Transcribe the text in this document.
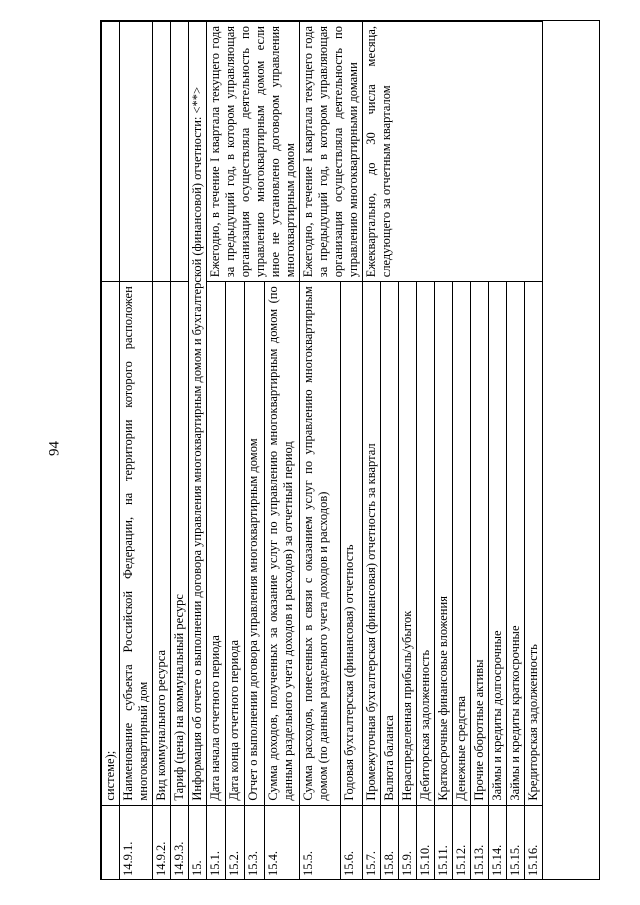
94
	системе);	
14.9.1.	Наименование субъекта Российской Федерации, на территории которого расположен многоквартирный дом	
14.9.2.	Вид коммунального ресурса	
14.9.3.	Тариф (цена) на коммунальный ресурс	
15.	Информация об отчете о выполнении договора управления многоквартирным домом и бухгалтерской (финансовой) отчетности: <**>	
15.1.	Дата начала отчетного периода	Ежегодно, в течение I квартала текущего года за предыдущий год, в котором управляющая организация осуществляла деятельность по управлению многоквартирным домом если иное не установлено договором управления многоквартирным домом
15.2.	Дата конца отчетного периода	
15.3.	Отчет о выполнении договора управления многоквартирным домом	
15.4.	Сумма доходов, полученных за оказание услуг по управлению многоквартирным домом (по данным раздельного учета доходов и расходов) за отчетный период	
15.5.	Сумма расходов, понесенных в связи с оказанием услуг по управлению многоквартирным домом (по данным раздельного учета доходов и расходов)	Ежегодно, в течение I квартала текущего года за предыдущий год, в котором управляющая организация осуществляла деятельность по управлению многоквартирными домами
15.6.	Годовая бухгалтерская (финансовая) отчетность	
15.7.	Промежуточная бухгалтерская (финансовая) отчетность за квартал	Ежеквартально, до 30 числа месяца, следующего за отчетным кварталом
15.8.	Валюта баланса	
15.9.	Нераспределенная прибыль/убыток	
15.10.	Дебиторская задолженность	
15.11.	Краткосрочные финансовые вложения	
15.12.	Денежные средства	
15.13.	Прочие оборотные активы	
15.14.	Займы и кредиты долгосрочные	
15.15.	Займы и кредиты краткосрочные	
15.16.	Кредиторская задолженность	
